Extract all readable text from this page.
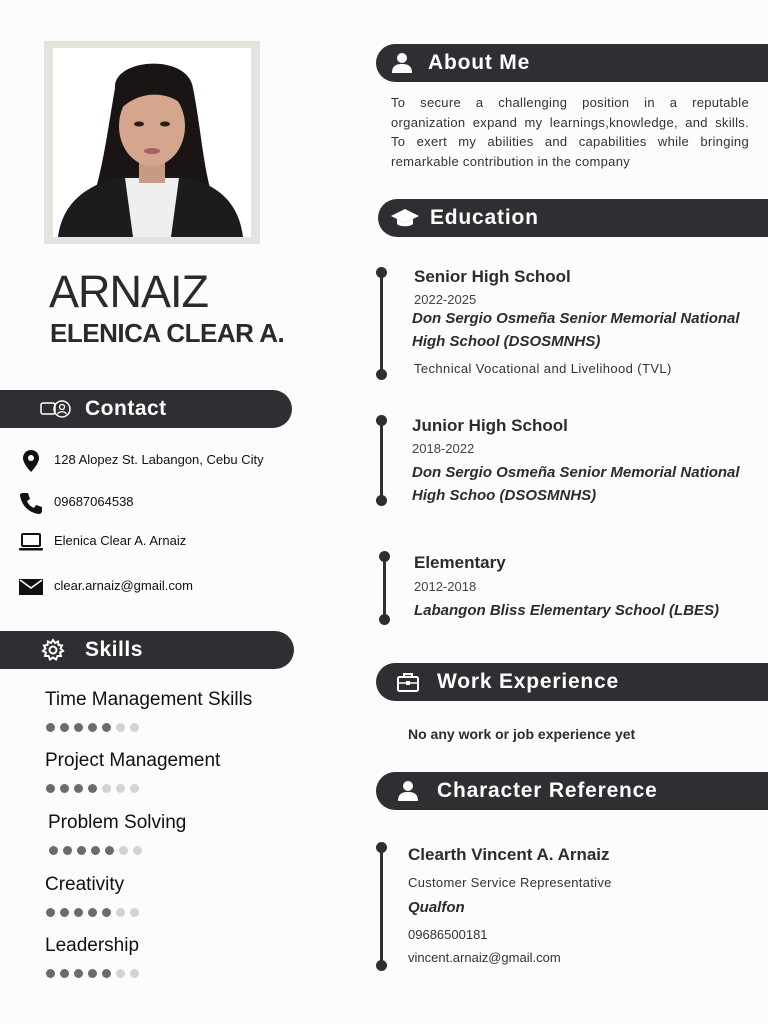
ARNAIZ
ELENICA CLEAR A.
Contact
128 Alopez St. Labangon, Cebu City
09687064538
Elenica Clear A. Arnaiz
clear.arnaiz@gmail.com
Skills
Time Management Skills
Project Management
Problem Solving
Creativity
Leadership
About Me
To secure a challenging position in a reputable organization expand my learnings,knowledge, and skills. To exert my abilities and capabilities while bringing remarkable contribution in the company
Education
Senior High School
2022-2025
Don Sergio Osmeña Senior Memorial National High School (DSOSMNHS)
Technical Vocational and Livelihood (TVL)
Junior High School
2018-2022
Don Sergio Osmeña Senior Memorial National High Schoo (DSOSMNHS)
Elementary
2012-2018
Labangon Bliss Elementary School (LBES)
Work Experience
No any work or job experience yet
Character Reference
Clearth Vincent A. Arnaiz
Customer Service Representative
Qualfon
09686500181
vincent.arnaiz@gmail.com
